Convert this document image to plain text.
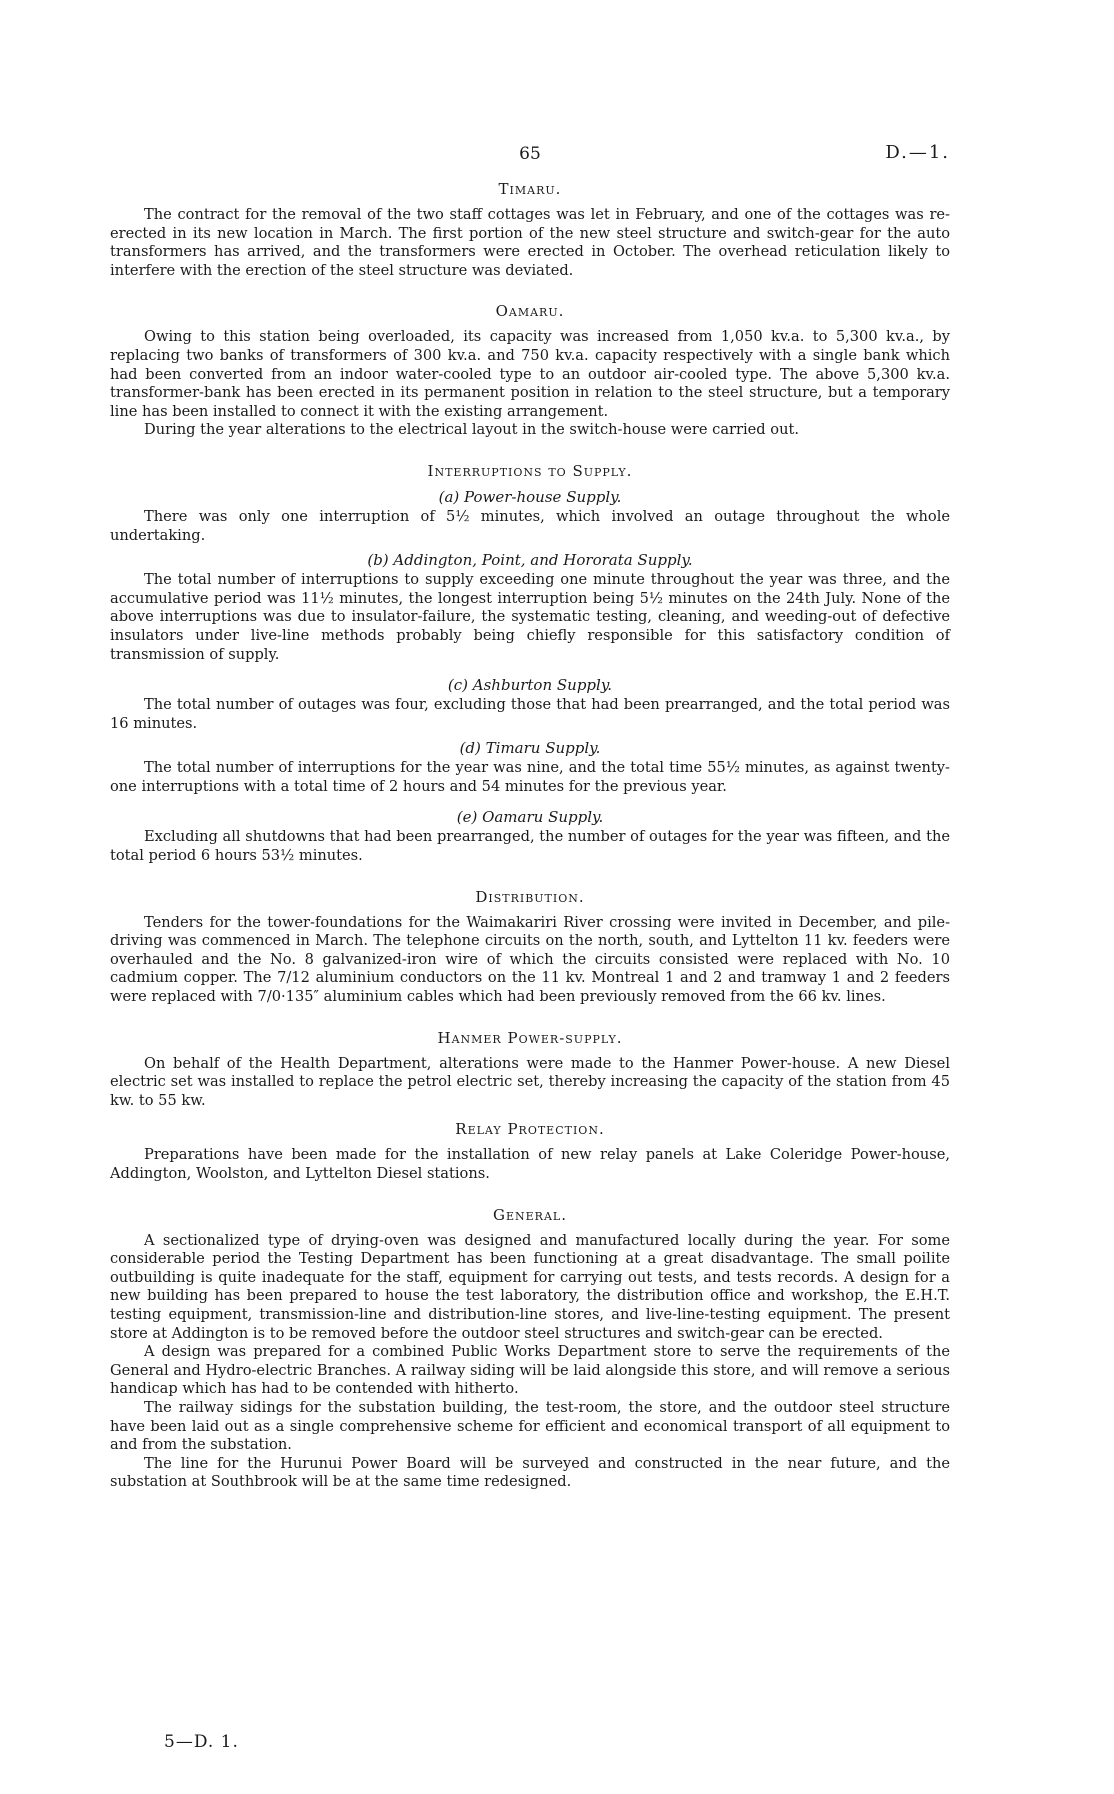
65	D.—1.
Timaru.

The contract for the removal of the two staff cottages was let in February, and one of the cottages was re-erected in its new location in March. The first portion of the new steel structure and switch-gear for the auto transformers has arrived, and the transformers were erected in October. The overhead reticulation likely to interfere with the erection of the steel structure was deviated.

Oamaru.

Owing to this station being overloaded, its capacity was increased from 1,050 kv.a. to 5,300 kv.a., by replacing two banks of transformers of 300 kv.a. and 750 kv.a. capacity respectively with a single bank which had been converted from an indoor water-cooled type to an outdoor air-cooled type. The above 5,300 kv.a. transformer-bank has been erected in its permanent position in relation to the steel structure, but a temporary line has been installed to connect it with the existing arrangement.

During the year alterations to the electrical layout in the switch-house were carried out.

Interruptions to Supply.
(a) Power-house Supply.

There was only one interruption of 5½ minutes, which involved an outage throughout the whole undertaking.

(b) Addington, Point, and Hororata Supply.

The total number of interruptions to supply exceeding one minute throughout the year was three, and the accumulative period was 11½ minutes, the longest interruption being 5½ minutes on the 24th July. None of the above interruptions was due to insulator-failure, the systematic testing, cleaning, and weeding-out of defective insulators under live-line methods probably being chiefly responsible for this satisfactory condition of transmission of supply.

(c) Ashburton Supply.

The total number of outages was four, excluding those that had been prearranged, and the total period was 16 minutes.

(d) Timaru Supply.

The total number of interruptions for the year was nine, and the total time 55½ minutes, as against twenty-one interruptions with a total time of 2 hours and 54 minutes for the previous year.

(e) Oamaru Supply.

Excluding all shutdowns that had been prearranged, the number of outages for the year was fifteen, and the total period 6 hours 53½ minutes.

Distribution.

Tenders for the tower-foundations for the Waimakariri River crossing were invited in December, and pile-driving was commenced in March. The telephone circuits on the north, south, and Lyttelton 11 kv. feeders were overhauled and the No. 8 galvanized-iron wire of which the circuits consisted were replaced with No. 10 cadmium copper. The 7/12 aluminium conductors on the 11 kv. Montreal 1 and 2 and tramway 1 and 2 feeders were replaced with 7/0·135″ aluminium cables which had been previously removed from the 66 kv. lines.

Hanmer Power-supply.

On behalf of the Health Department, alterations were made to the Hanmer Power-house. A new Diesel electric set was installed to replace the petrol electric set, thereby increasing the capacity of the station from 45 kw. to 55 kw.

Relay Protection.

Preparations have been made for the installation of new relay panels at Lake Coleridge Power-house, Addington, Woolston, and Lyttelton Diesel stations.

General.

A sectionalized type of drying-oven was designed and manufactured locally during the year. For some considerable period the Testing Department has been functioning at a great disadvantage. The small poilite outbuilding is quite inadequate for the staff, equipment for carrying out tests, and tests records. A design for a new building has been prepared to house the test laboratory, the distribution office and workshop, the E.H.T. testing equipment, transmission-line and distribution-line stores, and live-line-testing equipment. The present store at Addington is to be removed before the outdoor steel structures and switch-gear can be erected.

A design was prepared for a combined Public Works Department store to serve the requirements of the General and Hydro-electric Branches. A railway siding will be laid alongside this store, and will remove a serious handicap which has had to be contended with hitherto.

The railway sidings for the substation building, the test-room, the store, and the outdoor steel structure have been laid out as a single comprehensive scheme for efficient and economical transport of all equipment to and from the substation.

The line for the Hurunui Power Board will be surveyed and constructed in the near future, and the substation at Southbrook will be at the same time redesigned.

5—D. 1.
